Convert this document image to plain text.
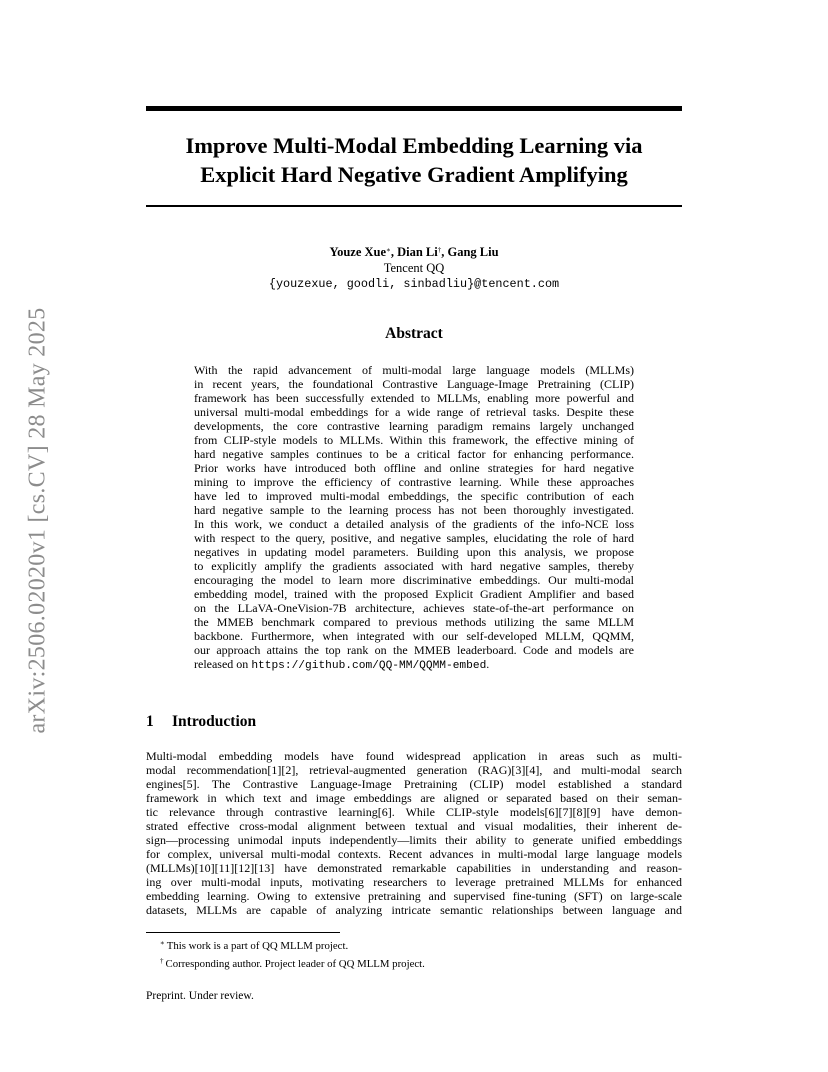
arXiv:2506.02020v1 [cs.CV] 28 May 2025
Improve Multi-Modal Embedding Learning via
Explicit Hard Negative Gradient Amplifying
Youze Xue∗, Dian Li†, Gang Liu
Tencent QQ
{youzexue, goodli, sinbadliu}@tencent.com
Abstract
With the rapid advancement of multi-modal large language models (MLLMs)
in recent years, the foundational Contrastive Language-Image Pretraining (CLIP)
framework has been successfully extended to MLLMs, enabling more powerful and
universal multi-modal embeddings for a wide range of retrieval tasks. Despite these
developments, the core contrastive learning paradigm remains largely unchanged
from CLIP-style models to MLLMs. Within this framework, the effective mining of
hard negative samples continues to be a critical factor for enhancing performance.
Prior works have introduced both offline and online strategies for hard negative
mining to improve the efficiency of contrastive learning. While these approaches
have led to improved multi-modal embeddings, the specific contribution of each
hard negative sample to the learning process has not been thoroughly investigated.
In this work, we conduct a detailed analysis of the gradients of the info-NCE loss
with respect to the query, positive, and negative samples, elucidating the role of hard
negatives in updating model parameters. Building upon this analysis, we propose
to explicitly amplify the gradients associated with hard negative samples, thereby
encouraging the model to learn more discriminative embeddings. Our multi-modal
embedding model, trained with the proposed Explicit Gradient Amplifier and based
on the LLaVA-OneVision-7B architecture, achieves state-of-the-art performance on
the MMEB benchmark compared to previous methods utilizing the same MLLM
backbone. Furthermore, when integrated with our self-developed MLLM, QQMM,
our approach attains the top rank on the MMEB leaderboard. Code and models are
released on https://github.com/QQ-MM/QQMM-embed.
1 Introduction
Multi-modal embedding models have found widespread application in areas such as multi-
modal recommendation[1][2], retrieval-augmented generation (RAG)[3][4], and multi-modal search
engines[5]. The Contrastive Language-Image Pretraining (CLIP) model established a standard
framework in which text and image embeddings are aligned or separated based on their seman-
tic relevance through contrastive learning[6]. While CLIP-style models[6][7][8][9] have demon-
strated effective cross-modal alignment between textual and visual modalities, their inherent de-
sign—processing unimodal inputs independently—limits their ability to generate unified embeddings
for complex, universal multi-modal contexts. Recent advances in multi-modal large language models
(MLLMs)[10][11][12][13] have demonstrated remarkable capabilities in understanding and reason-
ing over multi-modal inputs, motivating researchers to leverage pretrained MLLMs for enhanced
embedding learning. Owing to extensive pretraining and supervised fine-tuning (SFT) on large-scale
datasets, MLLMs are capable of analyzing intricate semantic relationships between language and
∗ This work is a part of QQ MLLM project.
† Corresponding author. Project leader of QQ MLLM project.
Preprint. Under review.
